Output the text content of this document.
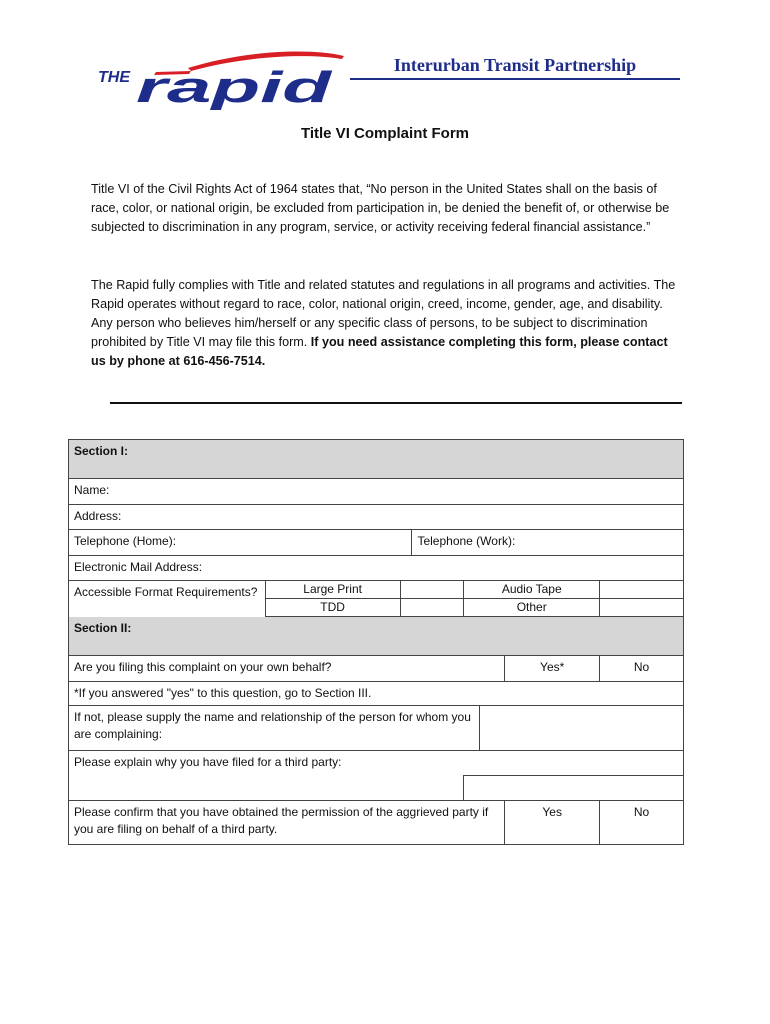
THE rapid	Interurban Transit Partnership
Title VI Complaint Form

Title VI of the Civil Rights Act of 1964 states that, “No person in the United States shall on the basis of race, color, or national origin, be excluded from participation in, be denied the benefit of, or otherwise be subjected to discrimination in any program, service, or activity receiving federal financial assistance.”

The Rapid fully complies with Title and related statutes and regulations in all programs and activities. The Rapid operates without regard to race, color, national origin, creed, income, gender, age, and disability. Any person who believes him/herself or any specific class of persons, to be subject to discrimination prohibited by Title VI may file this form. If you need assistance completing this form, please contact us by phone at 616-456-7514.

Section I:							
Name:							
Address:							
Telephone (Home):			Telephone (Work):				
Electronic Mail Address:							
Accessible Format Requirements?	Large Print			Audio Tape			
	TDD			Other			
Section II:							
Are you filing this complaint on your own behalf?						Yes*	No
*If you answered "yes" to this question, go to Section III.							
If not, please supply the name and relationship of the person for whom you are complaining:							
Please explain why you have filed for a third party:							

Please confirm that you have obtained the permission of the aggrieved party if you are filing on behalf of a third party.						Yes	No
